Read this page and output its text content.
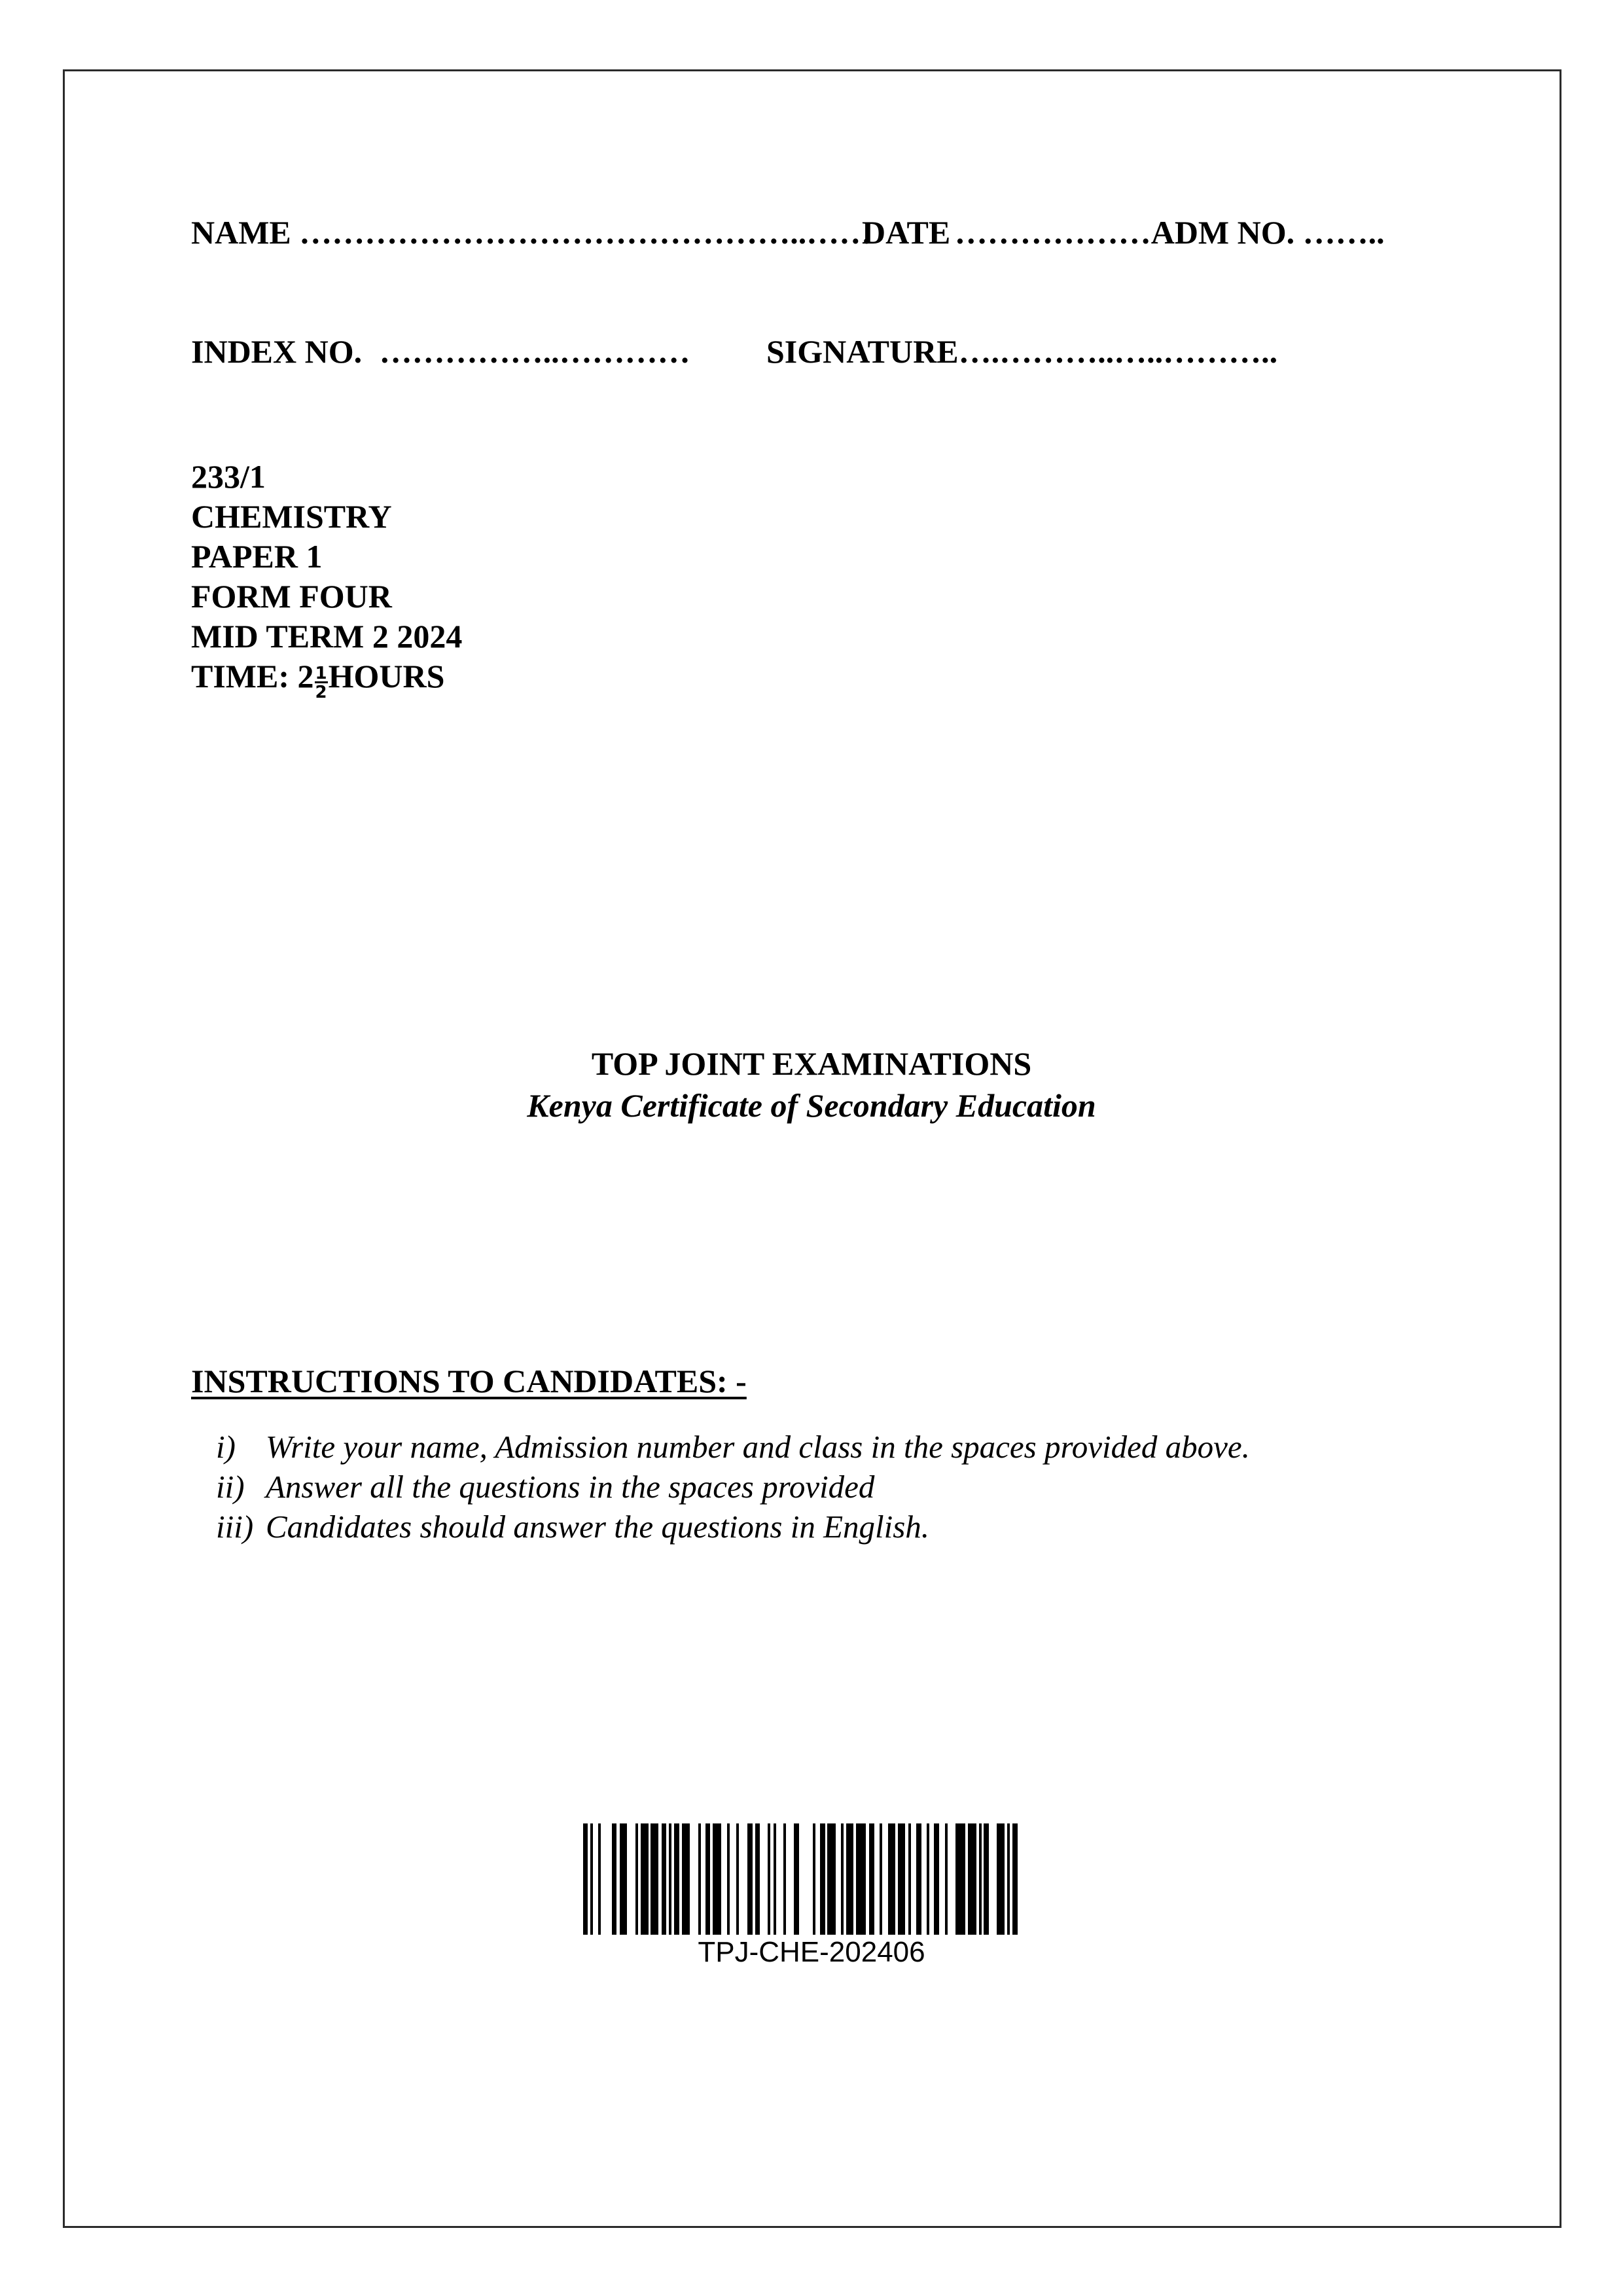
NAME ………………………………………..……
DATE ………………ADM NO. ……..
INDEX NO. ……………..………… SIGNATURE….………..…..………..
233/1
CHEMISTRY
PAPER 1
FORM FOUR
MID TERM 2 2024
TIME: $2 \frac{1}{2}$ HOURS
TOP JOINT EXAMINATIONS
Kenya Certificate of Secondary Education
INSTRUCTIONS TO CANDIDATES: -
i) Write your name, Admission number and class in the spaces provided above.
ii) Answer all the questions in the spaces provided
iii) Candidates should answer the questions in English.
TPJ-CHE-202406
